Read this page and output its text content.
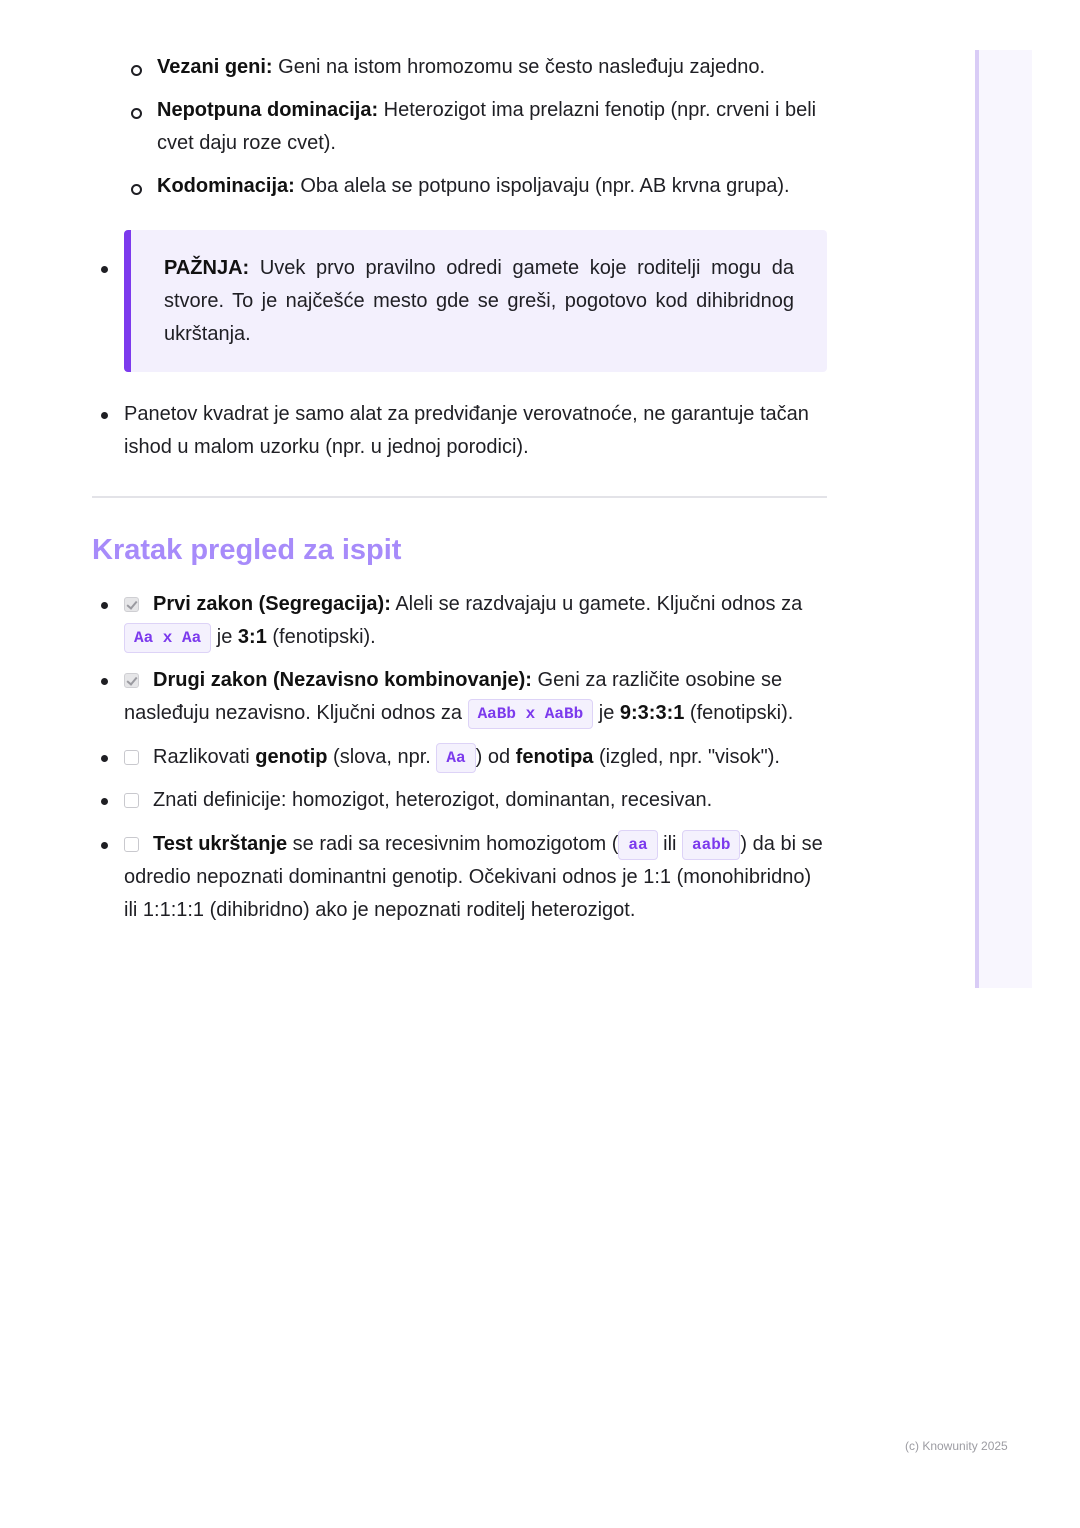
Vezani geni: Geni na istom hromozomu se često nasleđuju zajedno.
Nepotpuna dominacija: Heterozigot ima prelazni fenotip (npr. crveni i beli cvet daju roze cvet).
Kodominacija: Oba alela se potpuno ispoljavaju (npr. AB krvna grupa).
PAŽNJA: Uvek prvo pravilno odredi gamete koje roditelji mogu da stvore. To je najčešće mesto gde se greši, pogotovo kod dihibridnog ukrštanja.
Panetov kvadrat je samo alat za predviđanje verovatnoće, ne garantuje tačan ishod u malom uzorku (npr. u jednoj porodici).
Kratak pregled za ispit
Prvi zakon (Segregacija): Aleli se razdvajaju u gamete. Ključni odnos za Aa x Aa je 3:1 (fenotipski).
Drugi zakon (Nezavisno kombinovanje): Geni za različite osobine se nasleđuju nezavisno. Ključni odnos za AaBb x AaBb je 9:3:3:1 (fenotipski).
Razlikovati genotip (slova, npr. Aa ) od fenotipa (izgled, npr. "visok").
Znati definicije: homozigot, heterozigot, dominantan, recesivan.
Test ukrštanje se radi sa recesivnim homozigotom ( aa ili aabb ) da bi se odredio nepoznati dominantni genotip. Očekivani odnos je 1:1 (monohibridno) ili 1:1:1:1 (dihibridno) ako je nepoznati roditelj heterozigot.
(c) Knowunity 2025
